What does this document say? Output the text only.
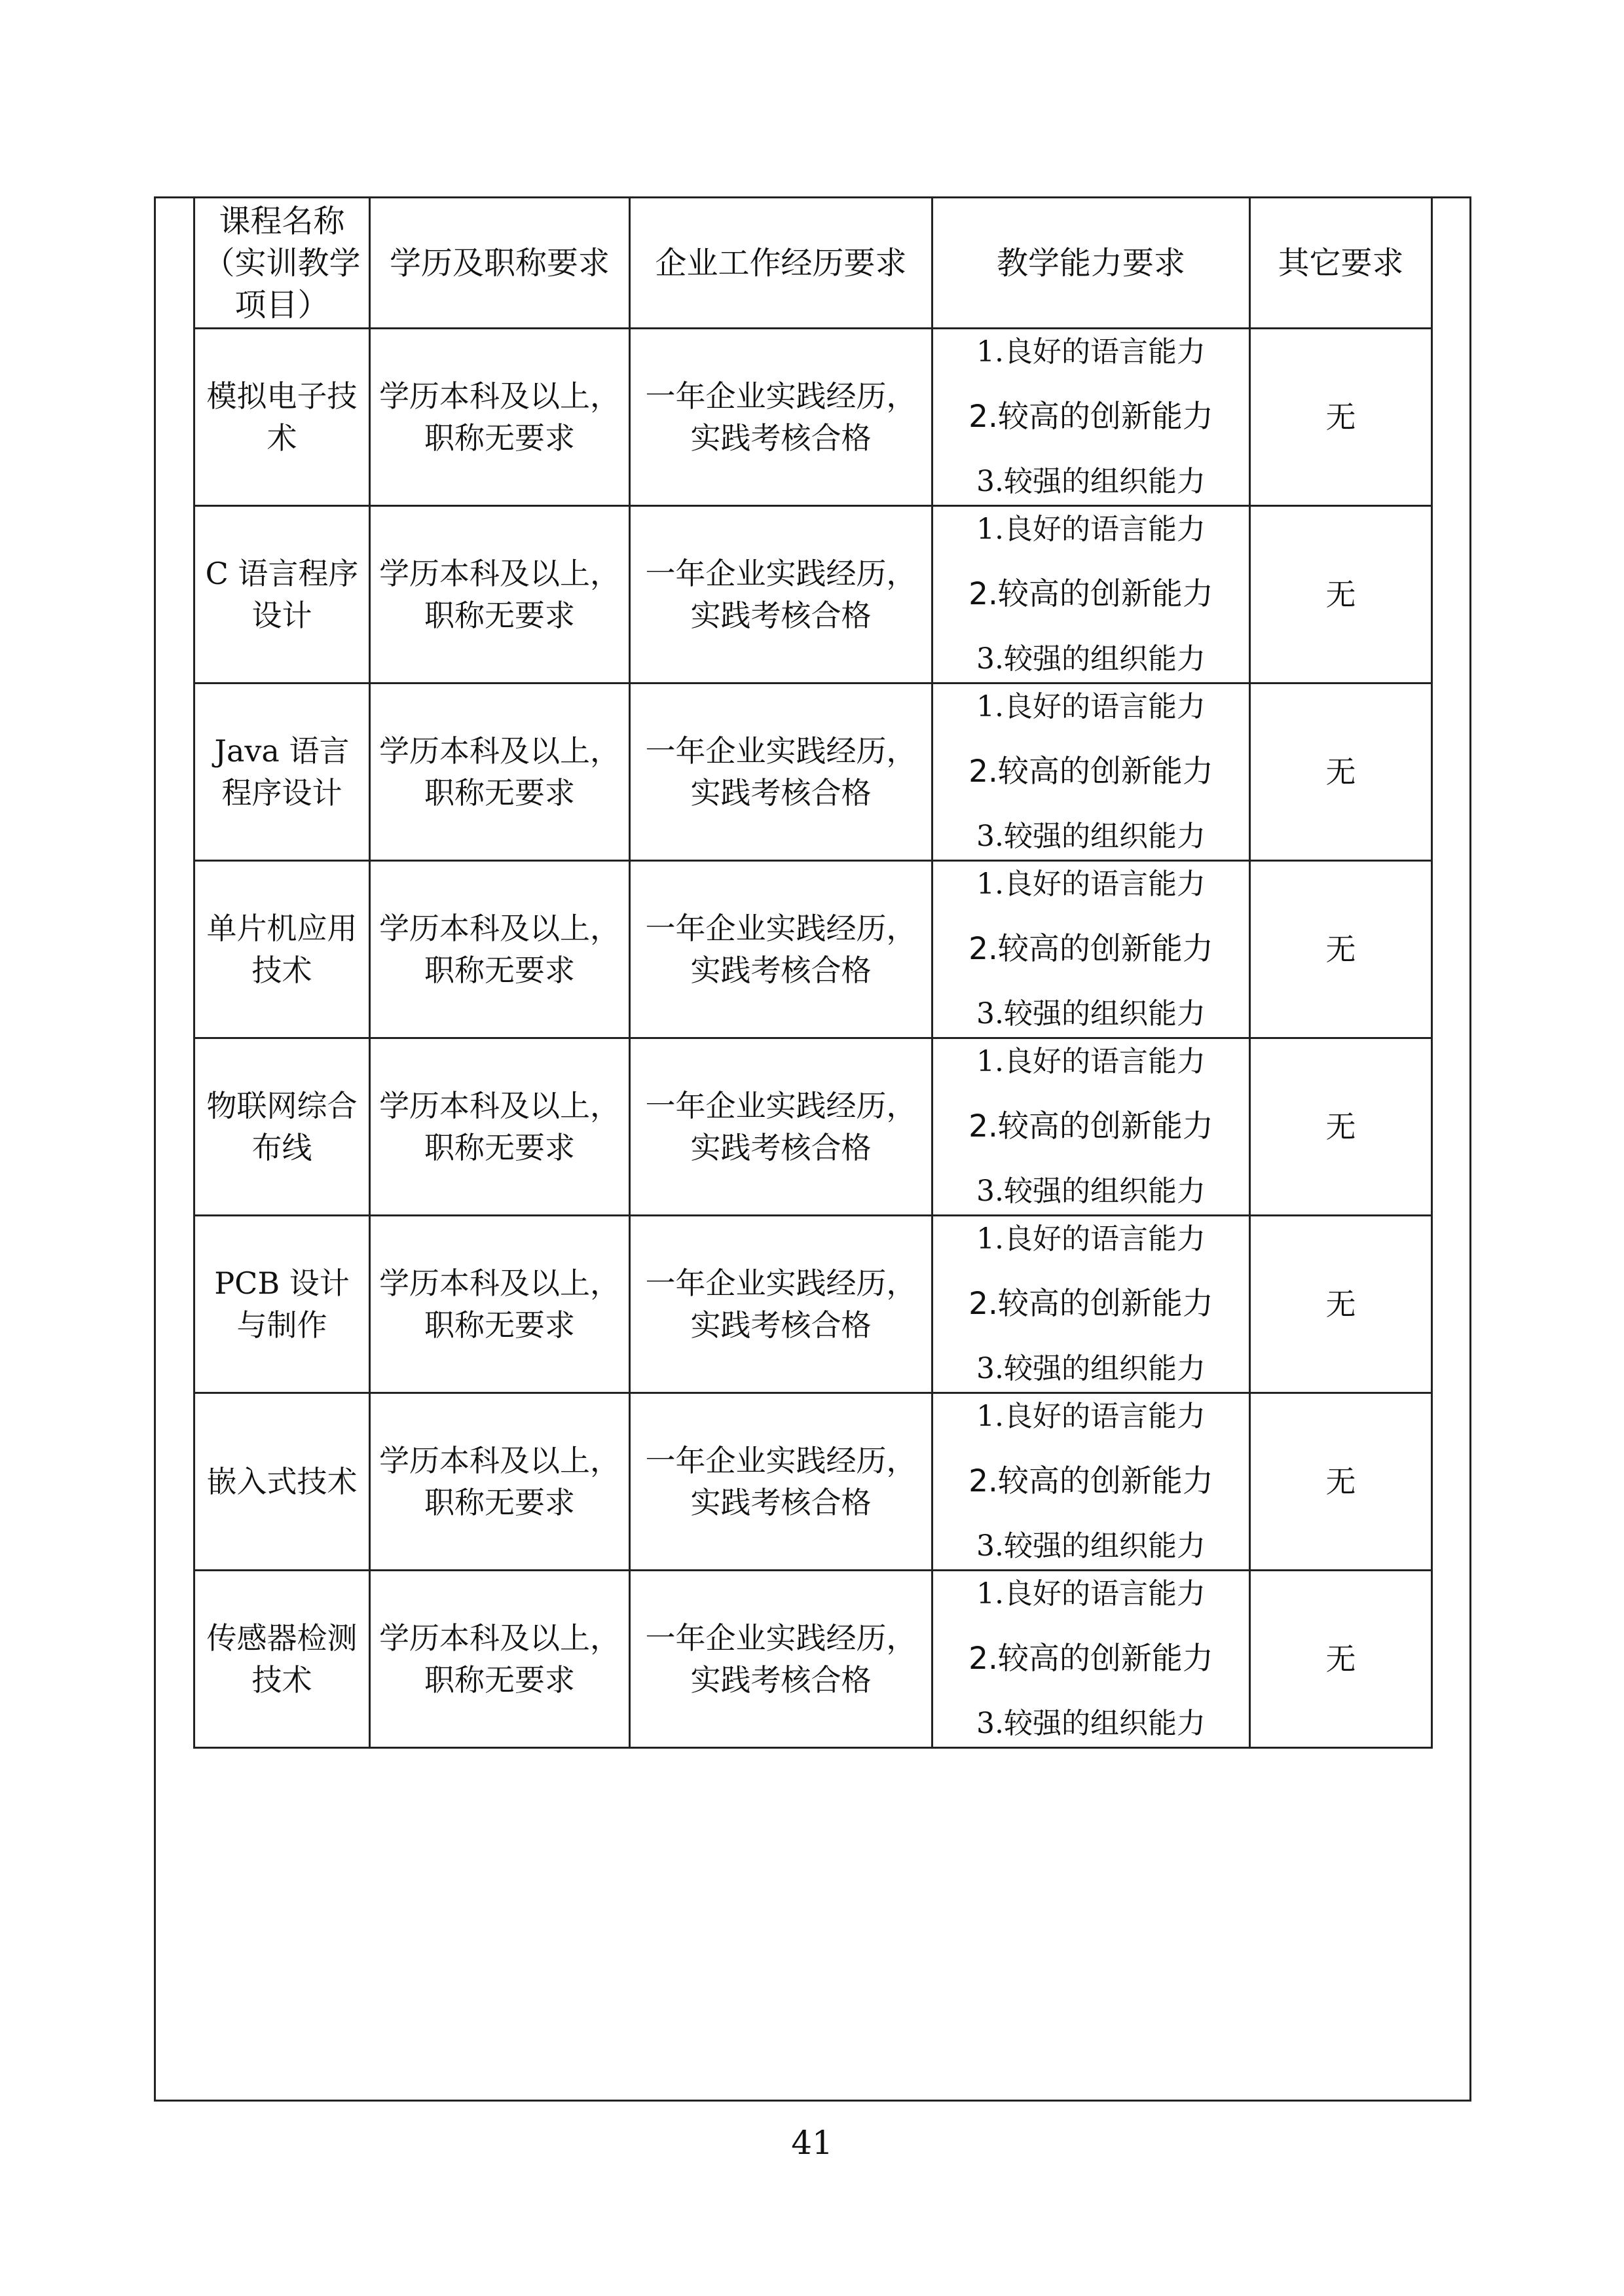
课程名称（实训教学项目）	学历及职称要求	企业工作经历要求	教学能力要求	其它要求

模拟电子技术	学历本科及以上，职称无要求	一年企业实践经历，实践考核合格	1.良好的语言能力
2.较高的创新能力
3.较强的组织能力	无

C 语言程序设计	学历本科及以上，职称无要求	一年企业实践经历，实践考核合格	1.良好的语言能力
2.较高的创新能力
3.较强的组织能力	无

Java 语言程序设计	学历本科及以上，职称无要求	一年企业实践经历，实践考核合格	1.良好的语言能力
2.较高的创新能力
3.较强的组织能力	无

单片机应用技术	学历本科及以上，职称无要求	一年企业实践经历，实践考核合格	1.良好的语言能力
2.较高的创新能力
3.较强的组织能力	无

物联网综合布线	学历本科及以上，职称无要求	一年企业实践经历，实践考核合格	1.良好的语言能力
2.较高的创新能力
3.较强的组织能力	无

PCB 设计与制作	学历本科及以上，职称无要求	一年企业实践经历，实践考核合格	1.良好的语言能力
2.较高的创新能力
3.较强的组织能力	无

嵌入式技术	学历本科及以上，职称无要求	一年企业实践经历，实践考核合格	1.良好的语言能力
2.较高的创新能力
3.较强的组织能力	无

传感器检测技术	学历本科及以上，职称无要求	一年企业实践经历，实践考核合格	1.良好的语言能力
2.较高的创新能力
3.较强的组织能力	无
41
